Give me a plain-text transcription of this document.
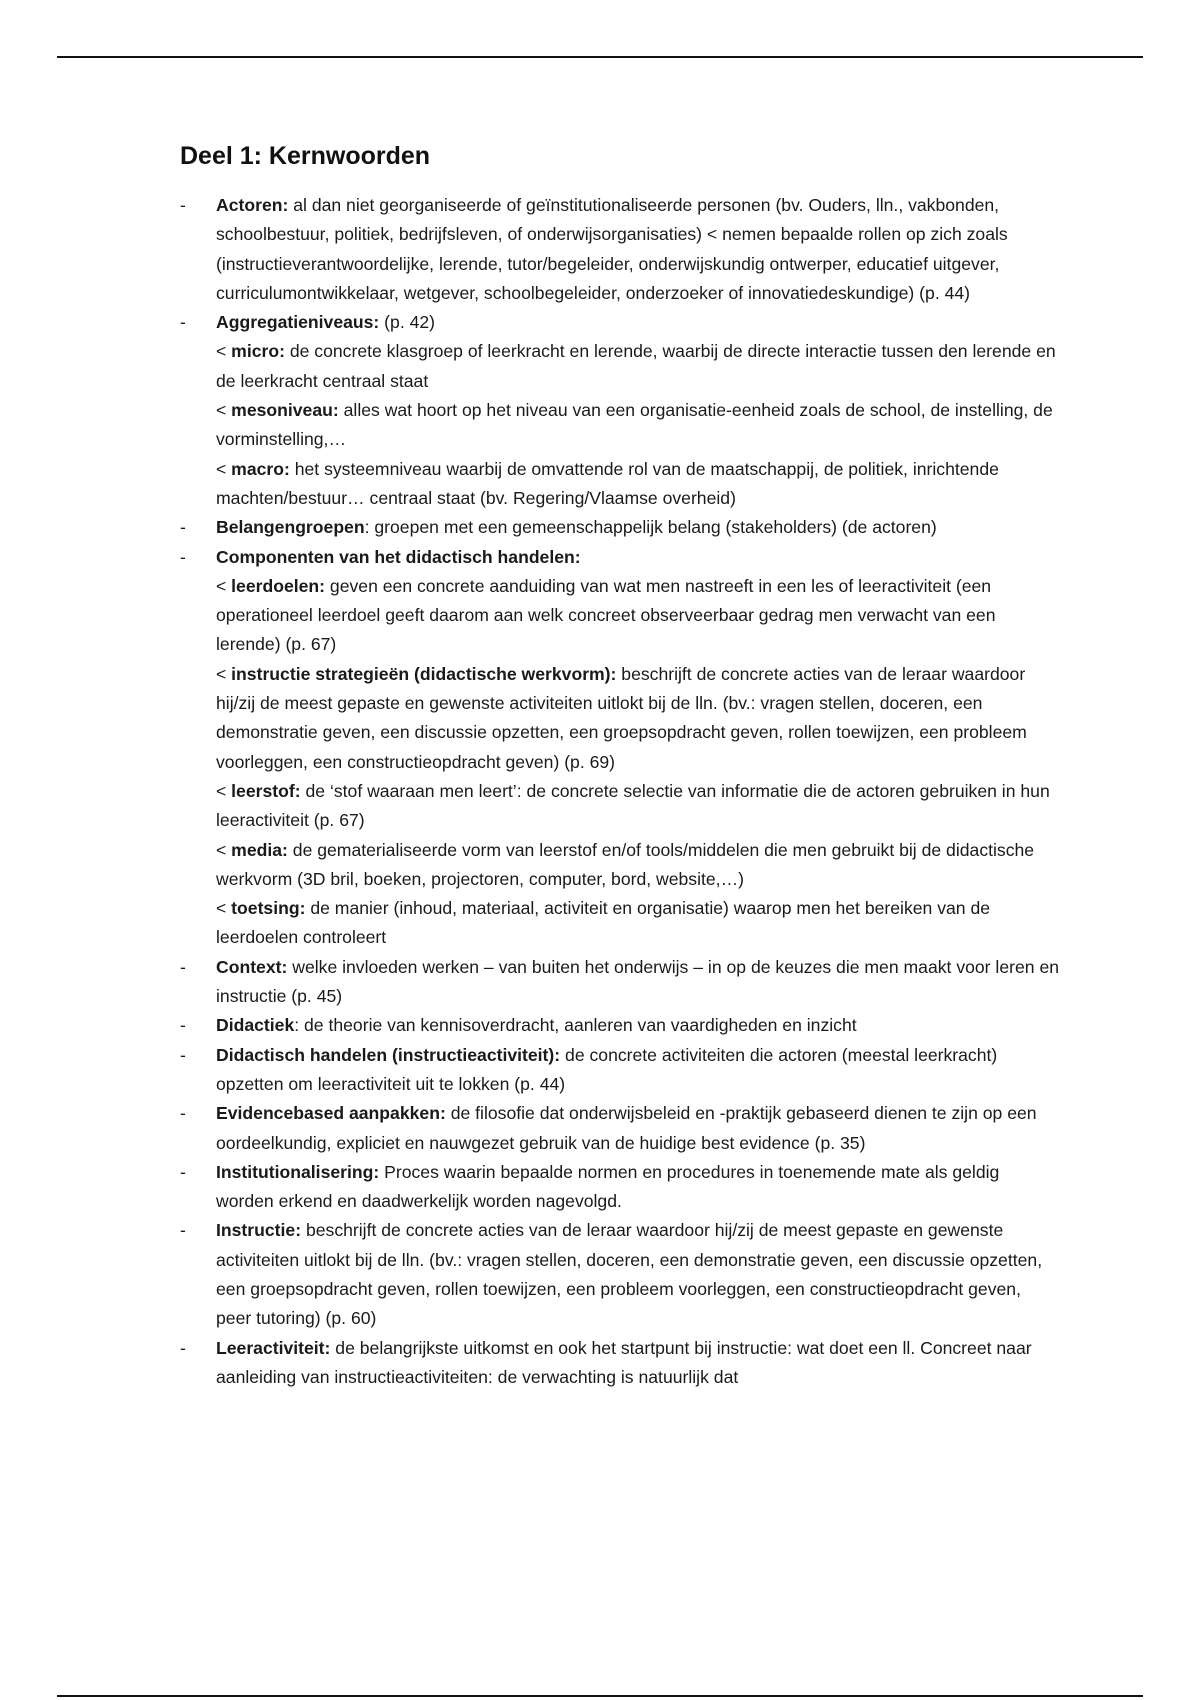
Deel 1: Kernwoorden
- Actoren: al dan niet georganiseerde of geïnstitutionaliseerde personen (bv. Ouders, lln., vakbonden, schoolbestuur, politiek, bedrijfsleven, of onderwijsorganisaties) < nemen bepaalde rollen op zich zoals (instructieverantwoordelijke, lerende, tutor/begeleider, onderwijskundig ontwerper, educatief uitgever, curriculumontwikkelaar, wetgever, schoolbegeleider, onderzoeker of innovatiedeskundige) (p. 44)
- Aggregatieniveaus: (p. 42)
< micro: de concrete klasgroep of leerkracht en lerende, waarbij de directe interactie tussen den lerende en de leerkracht centraal staat
< mesoniveau: alles wat hoort op het niveau van een organisatie-eenheid zoals de school, de instelling, de vorminstelling,…
< macro: het systeemniveau waarbij de omvattende rol van de maatschappij, de politiek, inrichtende machten/bestuur… centraal staat (bv. Regering/Vlaamse overheid)
- Belangengroepen: groepen met een gemeenschappelijk belang (stakeholders) (de actoren)
- Componenten van het didactisch handelen:
< leerdoelen: geven een concrete aanduiding van wat men nastreeft in een les of leeractiviteit (een operationeel leerdoel geeft daarom aan welk concreet observeerbaar gedrag men verwacht van een lerende) (p. 67)
< instructie strategieën (didactische werkvorm): beschrijft de concrete acties van de leraar waardoor hij/zij de meest gepaste en gewenste activiteiten uitlokt bij de lln. (bv.: vragen stellen, doceren, een demonstratie geven, een discussie opzetten, een groepsopdracht geven, rollen toewijzen, een probleem voorleggen, een constructieopdracht geven) (p. 69)
< leerstof: de ‘stof waaraan men leert’: de concrete selectie van informatie die de actoren gebruiken in hun leeractiviteit (p. 67)
< media: de gematerialiseerde vorm van leerstof en/of tools/middelen die men gebruikt bij de didactische werkvorm (3D bril, boeken, projectoren, computer, bord, website,…)
< toetsing: de manier (inhoud, materiaal, activiteit en organisatie) waarop men het bereiken van de leerdoelen controleert
- Context: welke invloeden werken – van buiten het onderwijs – in op de keuzes die men maakt voor leren en instructie (p. 45)
- Didactiek: de theorie van kennisoverdracht, aanleren van vaardigheden en inzicht
- Didactisch handelen (instructieactiviteit): de concrete activiteiten die actoren (meestal leerkracht) opzetten om leeractiviteit uit te lokken (p. 44)
- Evidencebased aanpakken: de filosofie dat onderwijsbeleid en -praktijk gebaseerd dienen te zijn op een oordeelkundig, expliciet en nauwgezet gebruik van de huidige best evidence (p. 35)
- Institutionalisering: Proces waarin bepaalde normen en procedures in toenemende mate als geldig worden erkend en daadwerkelijk worden nagevolgd.
- Instructie: beschrijft de concrete acties van de leraar waardoor hij/zij de meest gepaste en gewenste activiteiten uitlokt bij de lln. (bv.: vragen stellen, doceren, een demonstratie geven, een discussie opzetten, een groepsopdracht geven, rollen toewijzen, een probleem voorleggen, een constructieopdracht geven, peer tutoring) (p. 60)
- Leeractiviteit: de belangrijkste uitkomst en ook het startpunt bij instructie: wat doet een ll. Concreet naar aanleiding van instructieactiviteiten: de verwachting is natuurlijk dat
